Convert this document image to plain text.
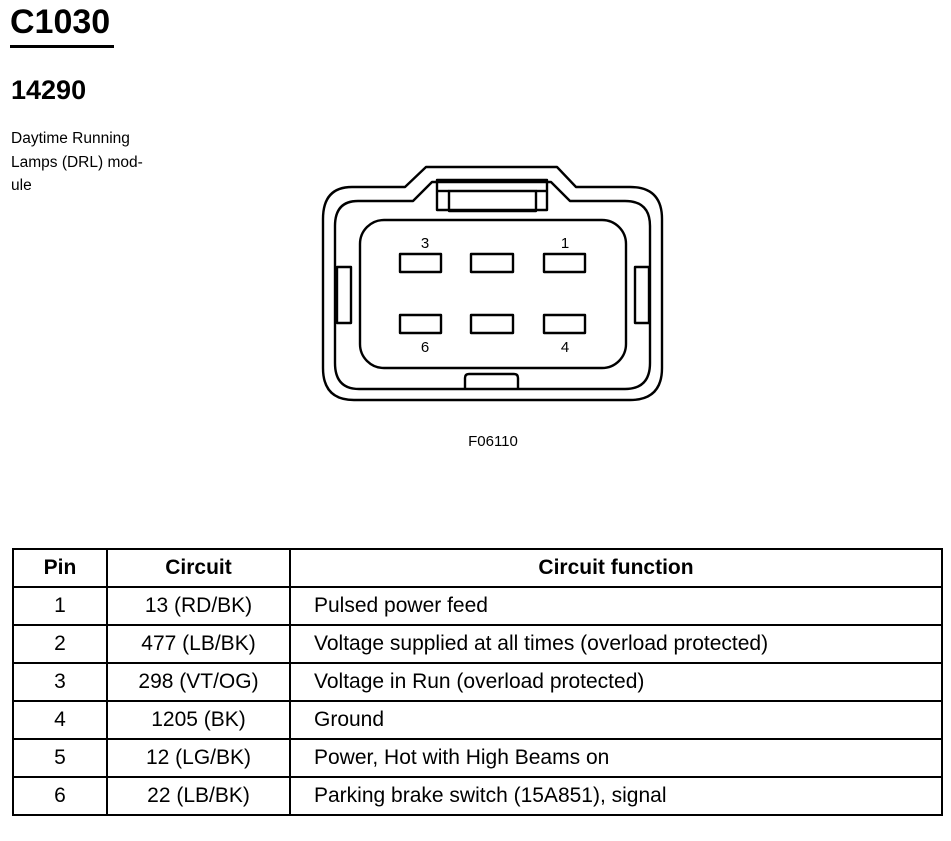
C1030
14290
Daytime Running
Lamps (DRL) mod-
ule
3	1
6	4
F06110
Pin	Circuit	Circuit function
1	13 (RD/BK)	Pulsed power feed
2	477 (LB/BK)	Voltage supplied at all times (overload protected)
3	298 (VT/OG)	Voltage in Run (overload protected)
4	1205 (BK)	Ground
5	12 (LG/BK)	Power, Hot with High Beams on
6	22 (LB/BK)	Parking brake switch (15A851), signal
